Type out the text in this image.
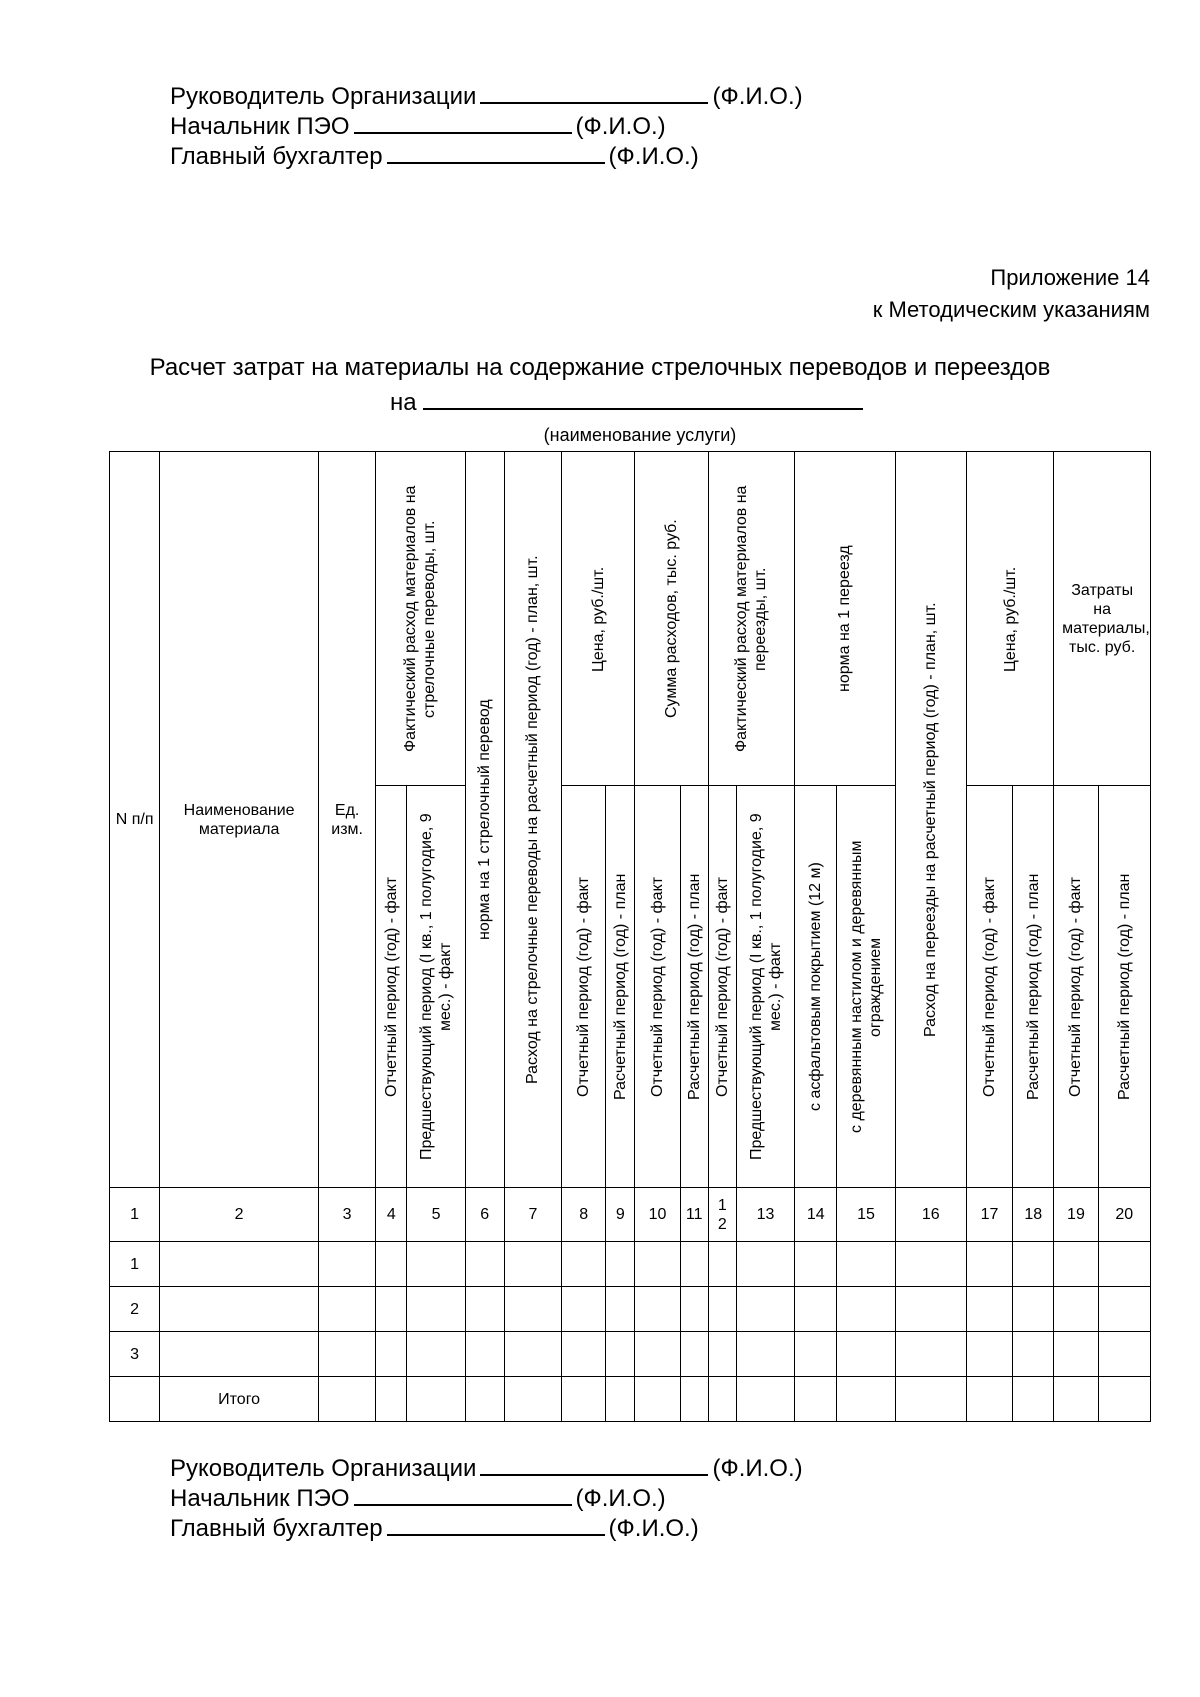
Руководитель Организации	(Ф.И.О.)
Начальник ПЭО	(Ф.И.О.)
Главный бухгалтер	(Ф.И.О.)
Приложение 14
к Методическим указаниям
Расчет затрат на материалы на содержание стрелочных переводов и переездов
на
(наименование услуги)
N п/п	Наименование материала	Ед. изм.	Фактический расход материалов на стрелочные переводы, шт.		норма на 1 стрелочный перевод	Расход на стрелочные переводы на расчетный период (год) - план, шт.	Цена, руб./шт.		Сумма расходов, тыс. руб.		Фактический расход материалов на переезды, шт.		норма на 1 переезд		Расход на переезды на расчетный период (год) - план, шт.	Цена, руб./шт.		Затраты на материалы, тыс. руб.	

			Отчетный период (год) - факт	Предшествующий период (I кв., 1 полугодие, 9 мес.) - факт			Отчетный период (год) - факт	Расчетный период (год) - план	Отчетный период (год) - факт	Расчетный период (год) - план	Отчетный период (год) - факт	Предшествующий период (I кв., 1 полугодие, 9 мес.) - факт	с асфальтовым покрытием (12 м)	с деревянным настилом и деревянным ограждением		Отчетный период (год) - факт	Расчетный период (год) - план	Отчетный период (год) - факт	Расчетный период (год) - план

1	2	3	4	5	6	7	8	9	10	11	12	13	14	15	16	17	18	19	20
1																			
2																			
3																			
	Итого																		
Руководитель Организации	(Ф.И.О.)
Начальник ПЭО	(Ф.И.О.)
Главный бухгалтер	(Ф.И.О.)
